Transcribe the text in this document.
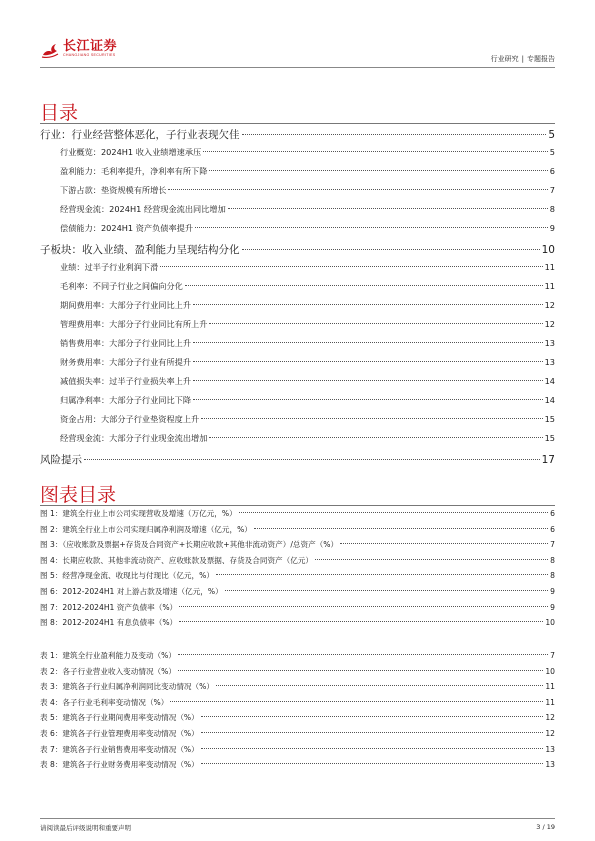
长江证券
CHANGJIANG SECURITIES	行业研究 | 专题报告
目录
行业：行业经营整体恶化，子行业表现欠佳	5
行业概览：2024H1 收入业绩增速承压	5
盈利能力：毛利率提升，净利率有所下降	6
下游占款：垫资规模有所增长	7
经营现金流：2024H1 经营现金流出同比增加	8
偿债能力：2024H1 资产负债率提升	9
子板块：收入业绩、盈利能力呈现结构分化	10
业绩：过半子行业利润下滑	11
毛利率：不同子行业之间偏向分化	11
期间费用率：大部分子行业同比上升	12
管理费用率：大部分子行业同比有所上升	12
销售费用率：大部分子行业同比上升	13
财务费用率：大部分子行业有所提升	13
减值损失率：过半子行业损失率上升	14
归属净利率：大部分子行业同比下降	14
资金占用：大部分子行业垫资程度上升	15
经营现金流：大部分子行业现金流出增加	15
风险提示	17
图表目录
图 1：建筑全行业上市公司实现营收及增速（万亿元，%）	6
图 2：建筑全行业上市公司实现归属净利润及增速（亿元，%）	6
图 3：（应收账款及票据+存货及合同资产+长期应收款+其他非流动资产）/总资产（%）	7
图 4：长期应收款、其他非流动资产、应收账款及票据、存货及合同资产（亿元）	8
图 5：经营净现金流、收现比与付现比（亿元，%）	8
图 6：2012-2024H1 对上游占款及增速（亿元，%）	9
图 7：2012-2024H1 资产负债率（%）	9
图 8：2012-2024H1 有息负债率（%）	10
表 1：建筑全行业盈利能力及变动（%）	7
表 2：各子行业营业收入变动情况（%）	10
表 3：建筑各子行业归属净利润同比变动情况（%）	11
表 4：各子行业毛利率变动情况（%）	11
表 5：建筑各子行业期间费用率变动情况（%）	12
表 6：建筑各子行业管理费用率变动情况（%）	12
表 7：建筑各子行业销售费用率变动情况（%）	13
表 8：建筑各子行业财务费用率变动情况（%）	13
请阅读最后评级说明和重要声明	3 / 19
